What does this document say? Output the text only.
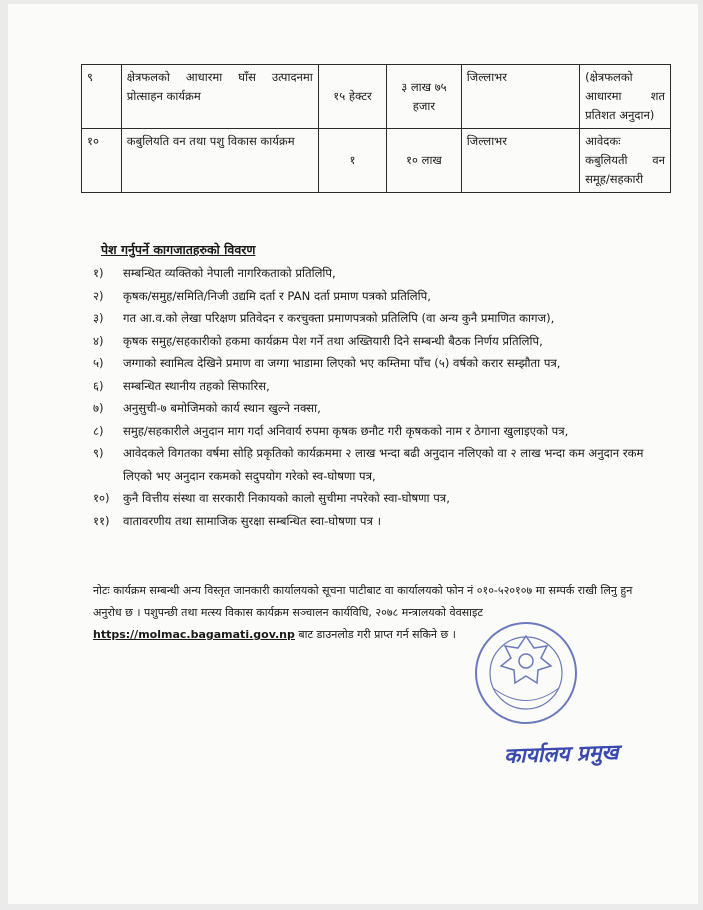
९	क्षेत्रफलको आधारमा घाँस उत्पादनमा प्रोत्साहन कार्यक्रम	१५ हेक्टर	३ लाख ७५ हजार	जिल्लाभर	(क्षेत्रफलको आधारमा शत प्रतिशत अनुदान)
१०	कबुलियति वन तथा पशु विकास कार्यक्रम	१	१० लाख	जिल्लाभर	आवेदकः कबुलियती वन समूह/सहकारी
पेश गर्नुपर्ने कागजातहरुको विवरण
१)	सम्बन्धित व्यक्तिको नेपाली नागरिकताको प्रतिलिपि,
२)	कृषक/समुह/समिति/निजी उद्यमि दर्ता र PAN दर्ता प्रमाण पत्रको प्रतिलिपि,
३)	गत आ.व.को लेखा परिक्षण प्रतिवेदन र करचुक्ता प्रमाणपत्रको प्रतिलिपि (वा अन्य कुनै प्रमाणित कागज),
४)	कृषक समुह/सहकारीको हकमा कार्यक्रम पेश गर्ने तथा अख्तियारी दिने सम्बन्धी बैठक निर्णय प्रतिलिपि,
५)	जग्गाको स्वामित्व देखिने प्रमाण वा जग्गा भाडामा लिएको भए कम्तिमा पाँच (५) वर्षको करार सम्झौता पत्र,
६)	सम्बन्धित स्थानीय तहको सिफारिस,
७)	अनुसुची-७ बमोजिमको कार्य स्थान खुल्ने नक्सा,
८)	समुह/सहकारीले अनुदान माग गर्दा अनिवार्य रुपमा कृषक छनौट गरी कृषकको नाम र ठेगाना खुलाइएको पत्र,
९)	आवेदकले विगतका वर्षमा सोहि प्रकृतिको कार्यक्रममा २ लाख भन्दा बढी अनुदान नलिएको वा २ लाख भन्दा कम अनुदान रकम लिएको भए अनुदान रकमको सदुपयोग गरेको स्व-घोषणा पत्र,
१०)	कुनै वित्तीय संस्था वा सरकारी निकायको कालो सुचीमा नपरेको स्वा-घोषणा पत्र,
११)	वातावरणीय तथा सामाजिक सुरक्षा सम्बन्धित स्वा-घोषणा पत्र ।
नोटः कार्यक्रम सम्बन्धी अन्य विस्तृत जानकारी कार्यालयको सूचना पाटीबाट वा कार्यालयको फोन नं ०१०-५२०१०७ मा सम्पर्क राखी लिनु हुन अनुरोध छ । पशुपन्छी तथा मत्स्य विकास कार्यक्रम सञ्चालन कार्यविधि, २०७८ मन्त्रालयको वेवसाइट https://molmac.bagamati.gov.np बाट डाउनलोड गरी प्राप्त गर्न सकिने छ ।
कार्यालय प्रमुख
